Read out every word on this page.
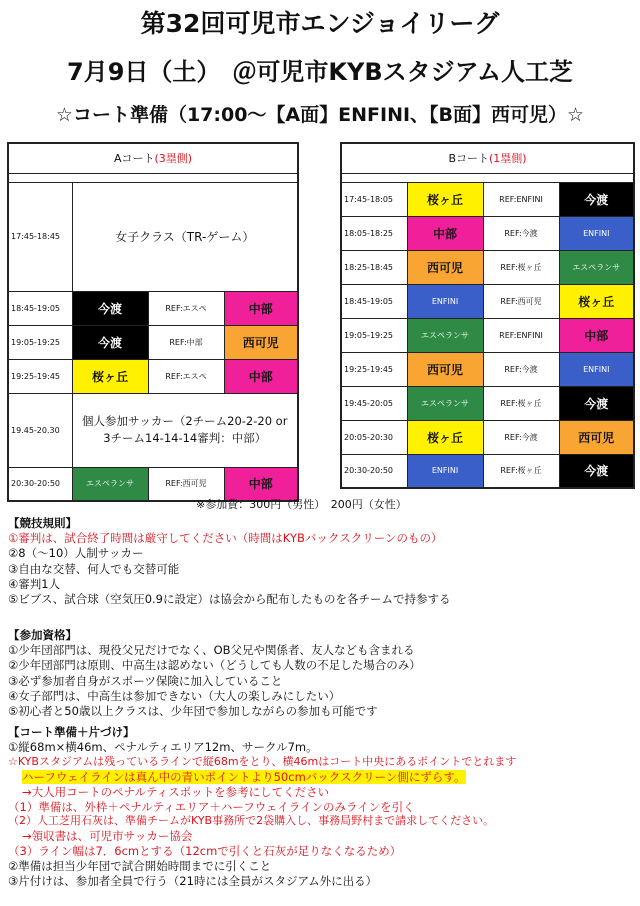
第32回可児市エンジョイリーグ
7月9日（土）　＠可児市KYBスタジアム人工芝
☆コート準備（17:00～【A面】ENFINI、【B面】西可児）☆
Aコート(3塁側)			

17:45-18:45	女子クラス（TR-ゲーム）		
18:45-19:05	今渡	REF:エスペ	中部
19:05-19:25	今渡	REF:中部	西可児
19:25-19:45	桜ヶ丘	REF:エスペ	中部
19.45-20.30	個人参加サッカー（2チーム20-2-20 or
3チーム14-14-14審判：中部）		

20:30-20:50	エスペランサ	REF:西可児	中部
Bコート(1塁側)			

17:45-18:05	桜ヶ丘	REF:ENFINI	今渡
18:05-18:25	中部	REF:今渡	ENFINI
18:25-18:45	西可児	REF:桜ヶ丘	エスペランサ
18:45-19:05	ENFINI	REF:西可児	桜ヶ丘
19:05-19:25	エスペランサ	REF:ENFINI	中部
19:25-19:45	西可児	REF:今渡	ENFINI
19:45-20:05	エスペランサ	REF:桜ヶ丘	今渡
20:05-20:30	桜ヶ丘	REF:今渡	西可児
20:30-20:50	ENFINI	REF:桜ヶ丘	今渡
※参加費：300円（男性）　200円（女性）
【競技規則】
①審判は、試合終了時間は厳守してください（時間はKYBバックスクリーンのもの）
②8（～10）人制サッカー
③自由な交替、何人でも交替可能
④審判1人
⑤ビブス、試合球（空気圧0.9に設定）は協会から配布したものを各チームで持参する
【参加資格】
①少年団部門は、現役父兄だけでなく、OB父兄や関係者、友人なども含まれる
②少年団部門は原則、中高生は認めない（どうしても人数の不足した場合のみ）
③必ず参加者自身がスポーツ保険に加入していること
④女子部門は、中高生は参加できない（大人の楽しみにしたい）
⑤初心者と50歳以上クラスは、少年団で参加しながらの参加も可能です
【コート準備＋片づけ】
①縦68m×横46m、ペナルティエリア12m、サークル7m。
☆KYBスタジアムは残っているラインで縦68mをとり、横46mはコート中央にあるポイントでとれます
ハーフウェイラインは真ん中の青いポイントより50cmバックスクリーン側にずらす。
→大人用コートのペナルティスポットを参考にしてください
（1）準備は、外枠＋ペナルティエリア＋ハーフウェイラインのみラインを引く
（2）人工芝用石灰は、準備チームがKYB事務所で2袋購入し、事務局野村まで請求してください。
→領収書は、可児市サッカー協会
（3）ライン幅は7．6cmとする（12cmで引くと石灰が足りなくなるため）
②準備は担当少年団で試合開始時間までに引くこと
③片付けは、参加者全員で行う（21時には全員がスタジアム外に出る）
